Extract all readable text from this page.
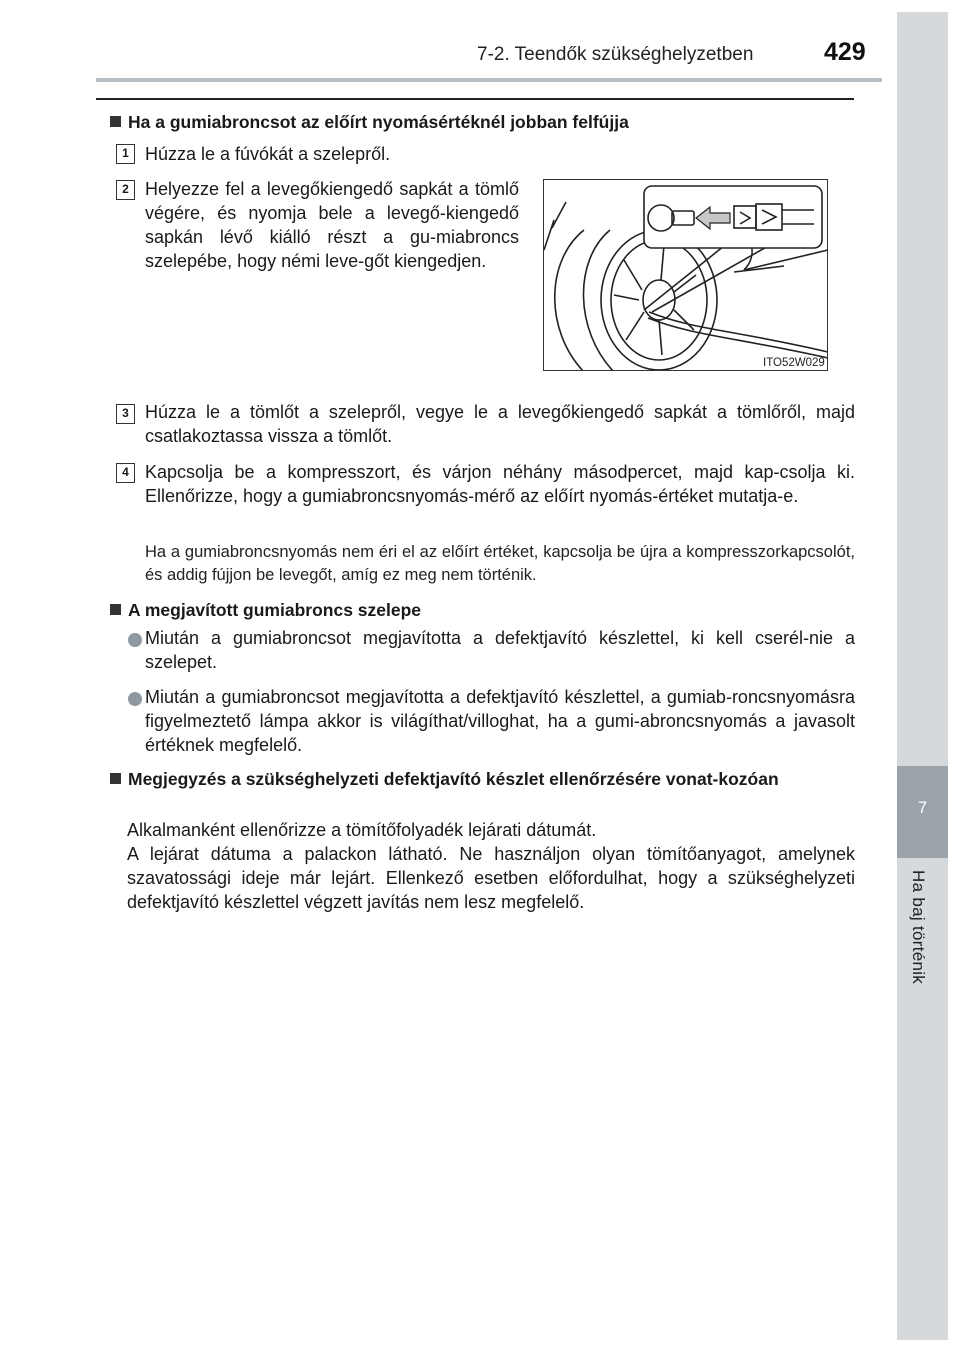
7-2. Teendők szükséghelyzetben	429
7
Ha baj történik
Ha a gumiabroncsot az előírt nyomásértéknél jobban felfújja
1 Húzza le a fúvókát a szelepről.
2 Helyezze fel a levegőkiengedő sapkát a tömlő végére, és nyomja bele a levegő-kiengedő sapkán lévő kiálló részt a gu-miabroncs szelepébe, hogy némi leve-gőt kiengedjen.
ITO52W029
3 Húzza le a tömlőt a szelepről, vegye le a levegőkiengedő sapkát a tömlőről, majd csatlakoztassa vissza a tömlőt.
4 Kapcsolja be a kompresszort, és várjon néhány másodpercet, majd kap-csolja ki. Ellenőrizze, hogy a gumiabroncsnyomás-mérő az előírt nyomás-értéket mutatja-e.
Ha a gumiabroncsnyomás nem éri el az előírt értéket, kapcsolja be újra a kompresszorkapcsolót, és addig fújjon be levegőt, amíg ez meg nem történik.
A megjavított gumiabroncs szelepe
Miután a gumiabroncsot megjavította a defektjavító készlettel, ki kell cserél-nie a szelepet.
Miután a gumiabroncsot megjavította a defektjavító készlettel, a gumiab-roncsnyomásra figyelmeztető lámpa akkor is világíthat/villoghat, ha a gumi-abroncsnyomás a javasolt értéknek megfelelő.
Megjegyzés a szükséghelyzeti defektjavító készlet ellenőrzésére vonat-kozóan
Alkalmanként ellenőrizze a tömítőfolyadék lejárati dátumát.
A lejárat dátuma a palackon látható. Ne használjon olyan tömítőanyagot, amelynek szavatossági ideje már lejárt. Ellenkező esetben előfordulhat, hogy a szükséghelyzeti defektjavító készlettel végzett javítás nem lesz megfelelő.
